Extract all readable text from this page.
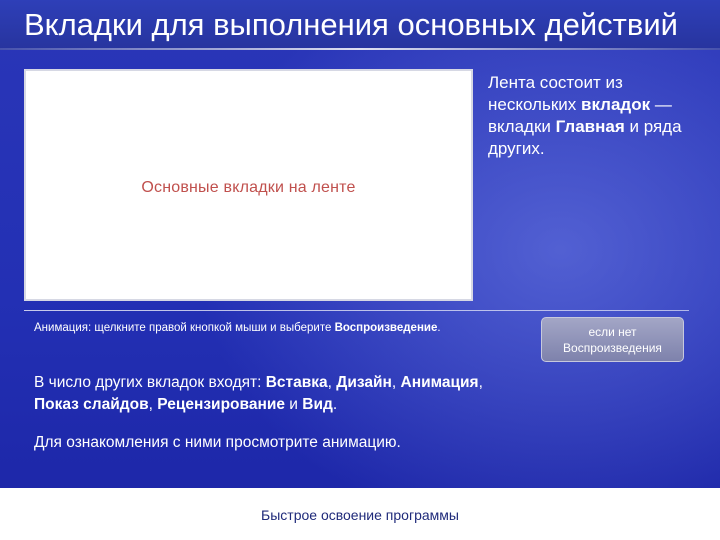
Вкладки для выполнения основных действий
Основные вкладки на ленте
Лента состоит из нескольких вкладок — вкладки Главная и ряда других.
Анимация: щелкните правой кнопкой мыши и выберите Воспроизведение.	если нет
Воспроизведения
В число других вкладок входят: Вставка, Дизайн, Анимация,
Показ слайдов, Рецензирование и Вид.
Для ознакомления с ними просмотрите анимацию.
Быстрое освоение программы
